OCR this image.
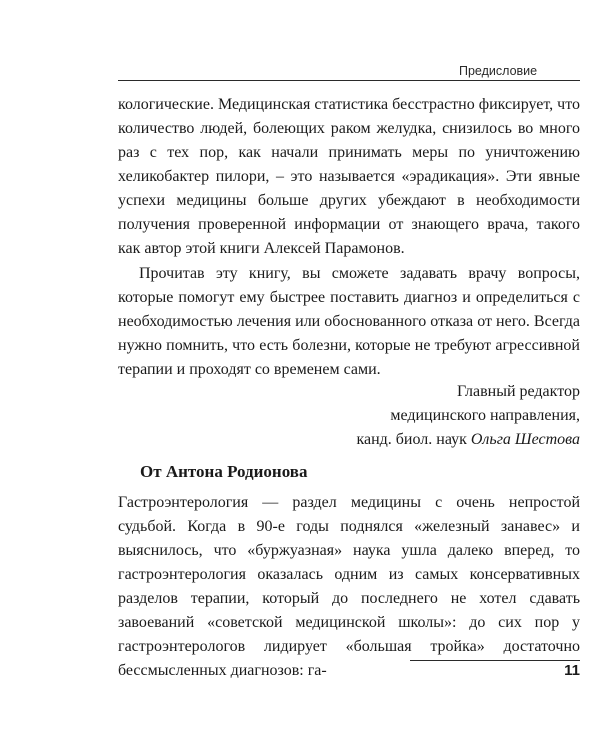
Предисловие
кологические. Медицинская статистика бесстрастно фиксирует, что количество людей, болеющих раком желудка, снизилось во много раз с тех пор, как начали принимать меры по уничтожению хеликобактер пилори, – это называется «эрадикация». Эти явные успехи медицины больше других убеждают в необходимости получения проверенной информации от знающего врача, такого как автор этой книги Алексей Парамонов.
Прочитав эту книгу, вы сможете задавать врачу вопросы, которые помогут ему быстрее поставить диагноз и определиться с необходимостью лечения или обоснованного отказа от него. Всегда нужно помнить, что есть болезни, которые не требуют агрессивной терапии и проходят со временем сами.
Главный редактор
медицинского направления,
канд. биол. наук Ольга Шестова
От Антона Родионова
Гастроэнтерология — раздел медицины с очень непростой судьбой. Когда в 90-е годы поднялся «железный занавес» и выяснилось, что «буржуазная» наука ушла далеко вперед, то гастроэнтерология оказалась одним из самых консервативных разделов терапии, который до последнего не хотел сдавать завоеваний «советской медицинской школы»: до сих пор у гастроэнтерологов лидирует «большая тройка» достаточно бессмысленных диагнозов: га-	11
